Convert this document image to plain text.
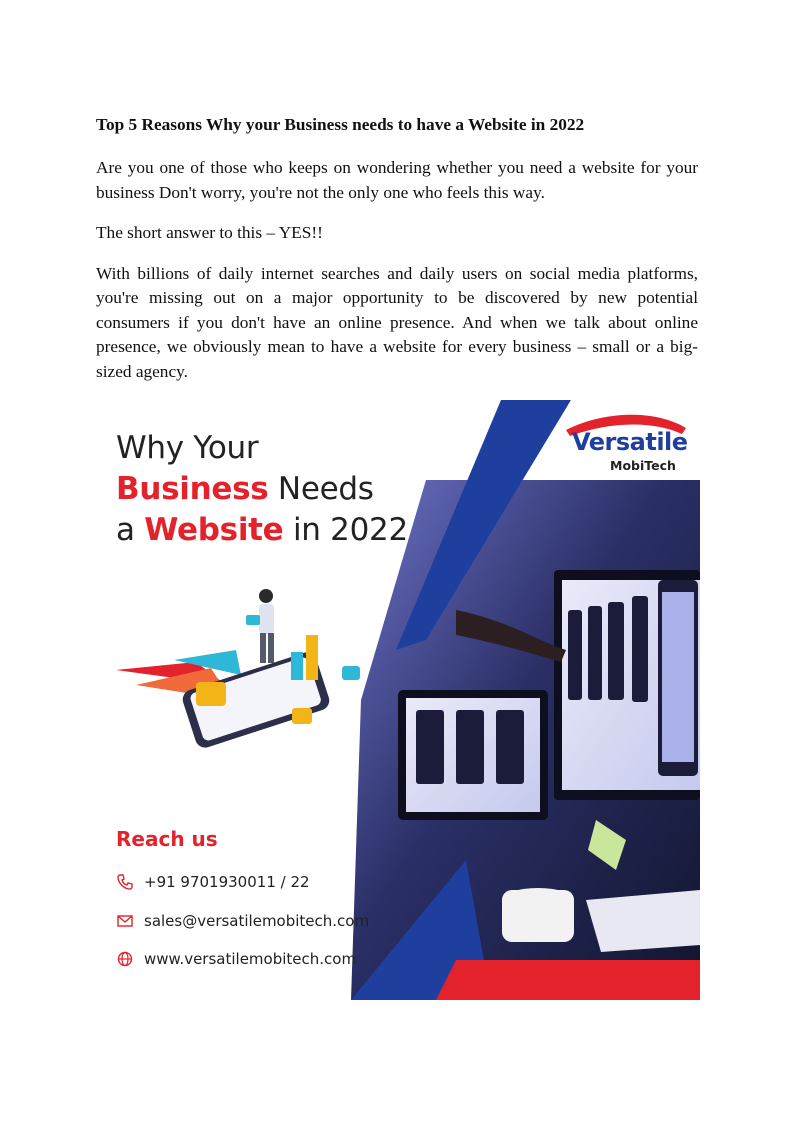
Top 5 Reasons Why your Business needs to have a Website in 2022

Are you one of those who keeps on wondering whether you need a website for your business Don't worry, you're not the only one who feels this way.

The short answer to this – YES!!

With billions of daily internet searches and daily users on social media platforms, you're missing out on a major opportunity to be discovered by new potential consumers if you don't have an online presence. And when we talk about online presence, we obviously mean to have a website for every business – small or a big-sized agency.

Why Your
Business Needs
a Website in 2022
Versatile
MobiTech
Reach us
+91 9701930011 / 22
sales@versatilemobitech.com
www.versatilemobitech.com
